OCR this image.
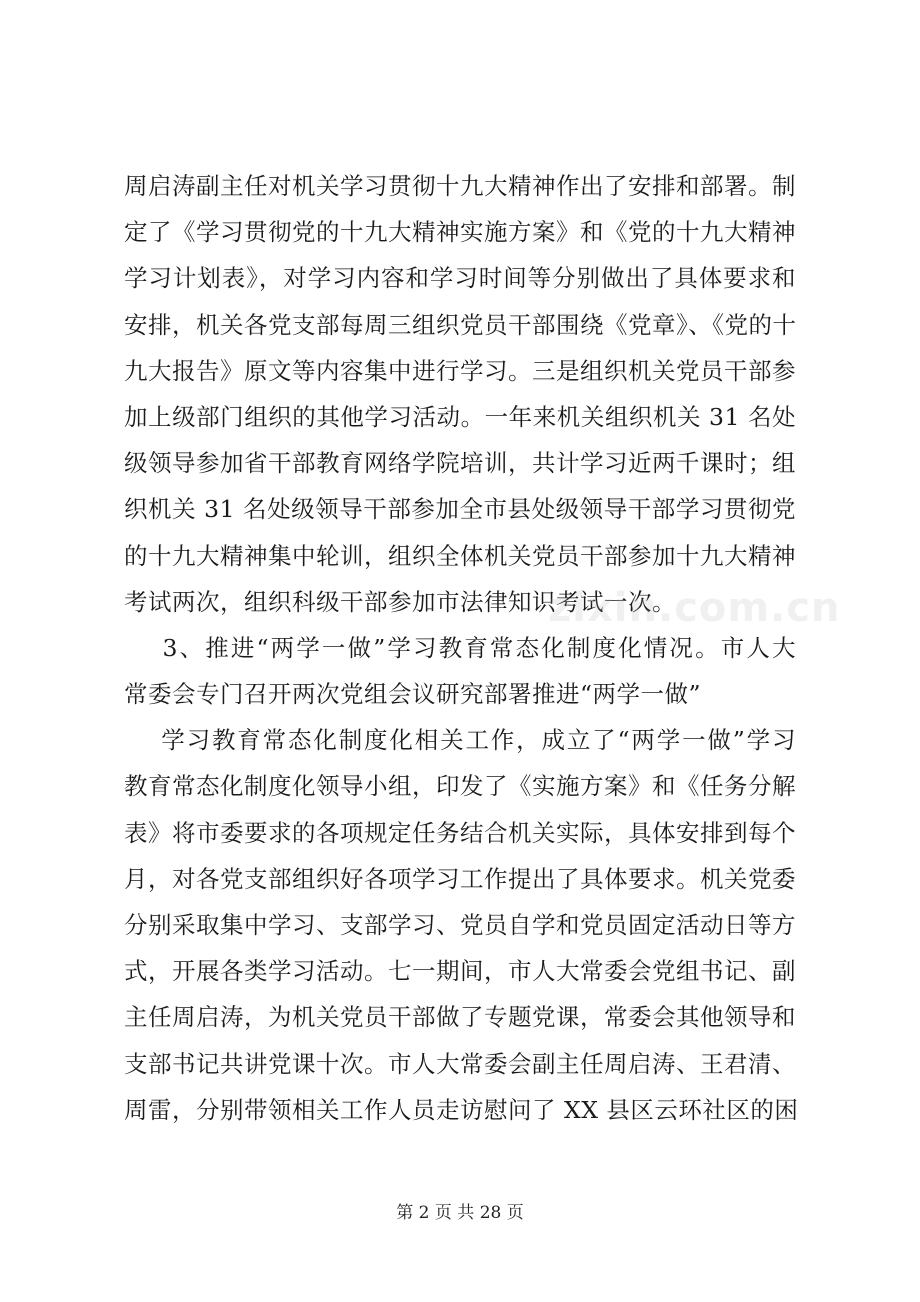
周启涛副主任对机关学习贯彻十九大精神作出了安排和部署。制
定了《学习贯彻党的十九大精神实施方案》和《党的十九大精神
学习计划表》，对学习内容和学习时间等分别做出了具体要求和
安排，机关各党支部每周三组织党员干部围绕《党章》、《党的十
九大报告》原文等内容集中进行学习。三是组织机关党员干部参
加上级部门组织的其他学习活动。一年来机关组织机关 31 名处
级领导参加省干部教育网络学院培训，共计学习近两千课时；组
织机关 31 名处级领导干部参加全市县处级领导干部学习贯彻党
的十九大精神集中轮训，组织全体机关党员干部参加十九大精神
考试两次，组织科级干部参加市法律知识考试一次。
3、推进“两学一做”学习教育常态化制度化情况。市人大
常委会专门召开两次党组会议研究部署推进“两学一做”
学习教育常态化制度化相关工作，成立了“两学一做”学习
教育常态化制度化领导小组，印发了《实施方案》和《任务分解
表》将市委要求的各项规定任务结合机关实际，具体安排到每个
月，对各党支部组织好各项学习工作提出了具体要求。机关党委
分别采取集中学习、支部学习、党员自学和党员固定活动日等方
式，开展各类学习活动。七一期间，市人大常委会党组书记、副
主任周启涛，为机关党员干部做了专题党课，常委会其他领导和
支部书记共讲党课十次。市人大常委会副主任周启涛、王君清、
周雷，分别带领相关工作人员走访慰问了 XX 县区云环社区的困
zixin.com.cn
第 2 页 共 28 页
